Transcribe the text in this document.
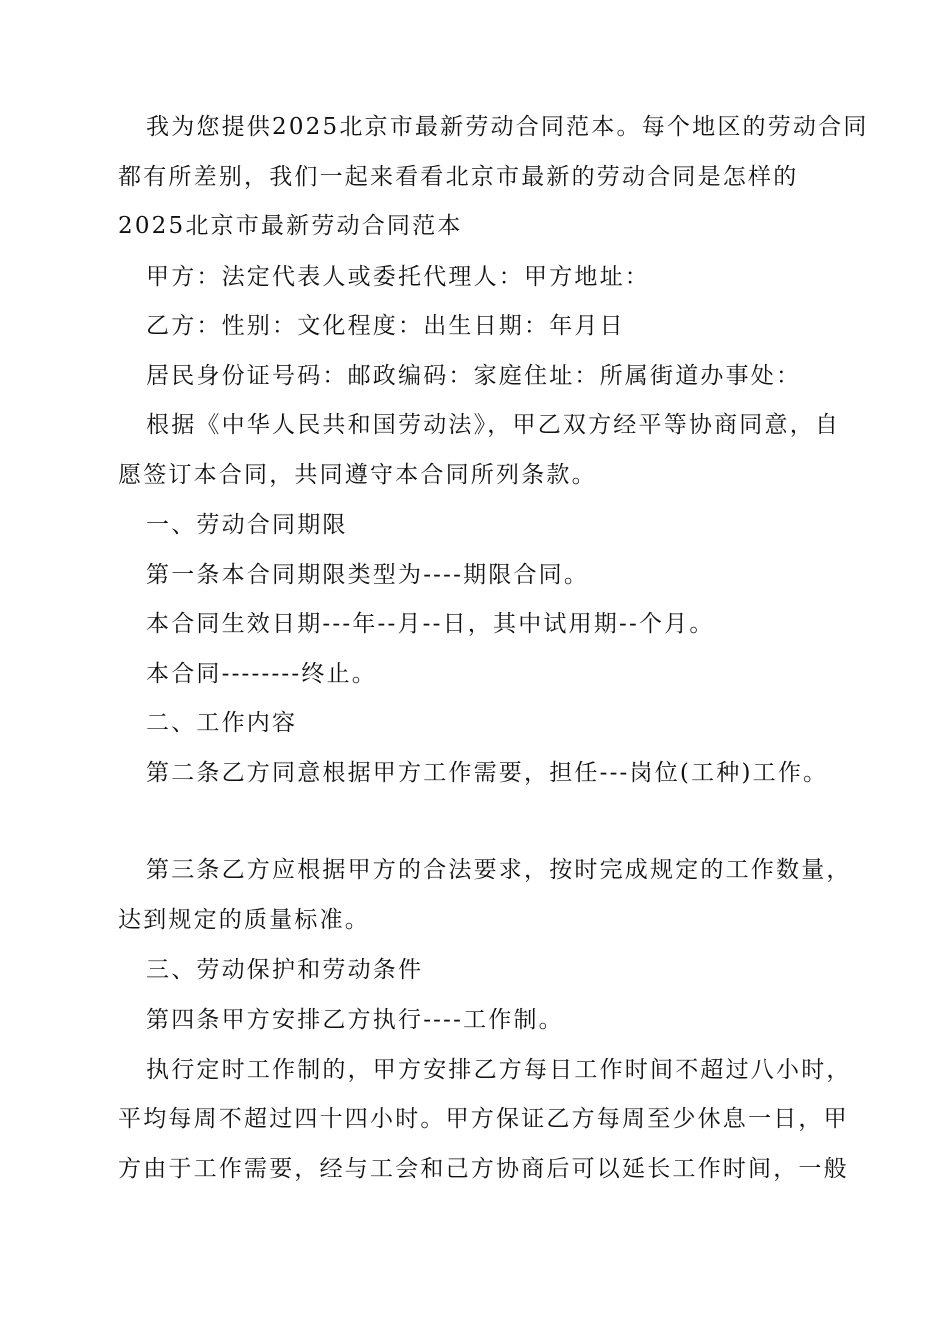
我为您提供2025北京市最新劳动合同范本。每个地区的劳动合同
都有所差别，我们一起来看看北京市最新的劳动合同是怎样的
2025北京市最新劳动合同范本
甲方：法定代表人或委托代理人：甲方地址：
乙方：性别：文化程度：出生日期：年月日
居民身份证号码：邮政编码：家庭住址：所属街道办事处：
根据《中华人民共和国劳动法》，甲乙双方经平等协商同意，自
愿签订本合同，共同遵守本合同所列条款。
一、劳动合同期限
第一条本合同期限类型为----期限合同。
本合同生效日期---年--月--日，其中试用期--个月。
本合同--------终止。
二、工作内容
第二条乙方同意根据甲方工作需要，担任---岗位(工种)工作。
第三条乙方应根据甲方的合法要求，按时完成规定的工作数量，
达到规定的质量标准。
三、劳动保护和劳动条件
第四条甲方安排乙方执行----工作制。
执行定时工作制的，甲方安排乙方每日工作时间不超过八小时，
平均每周不超过四十四小时。甲方保证乙方每周至少休息一日，甲
方由于工作需要，经与工会和己方协商后可以延长工作时间，一般
